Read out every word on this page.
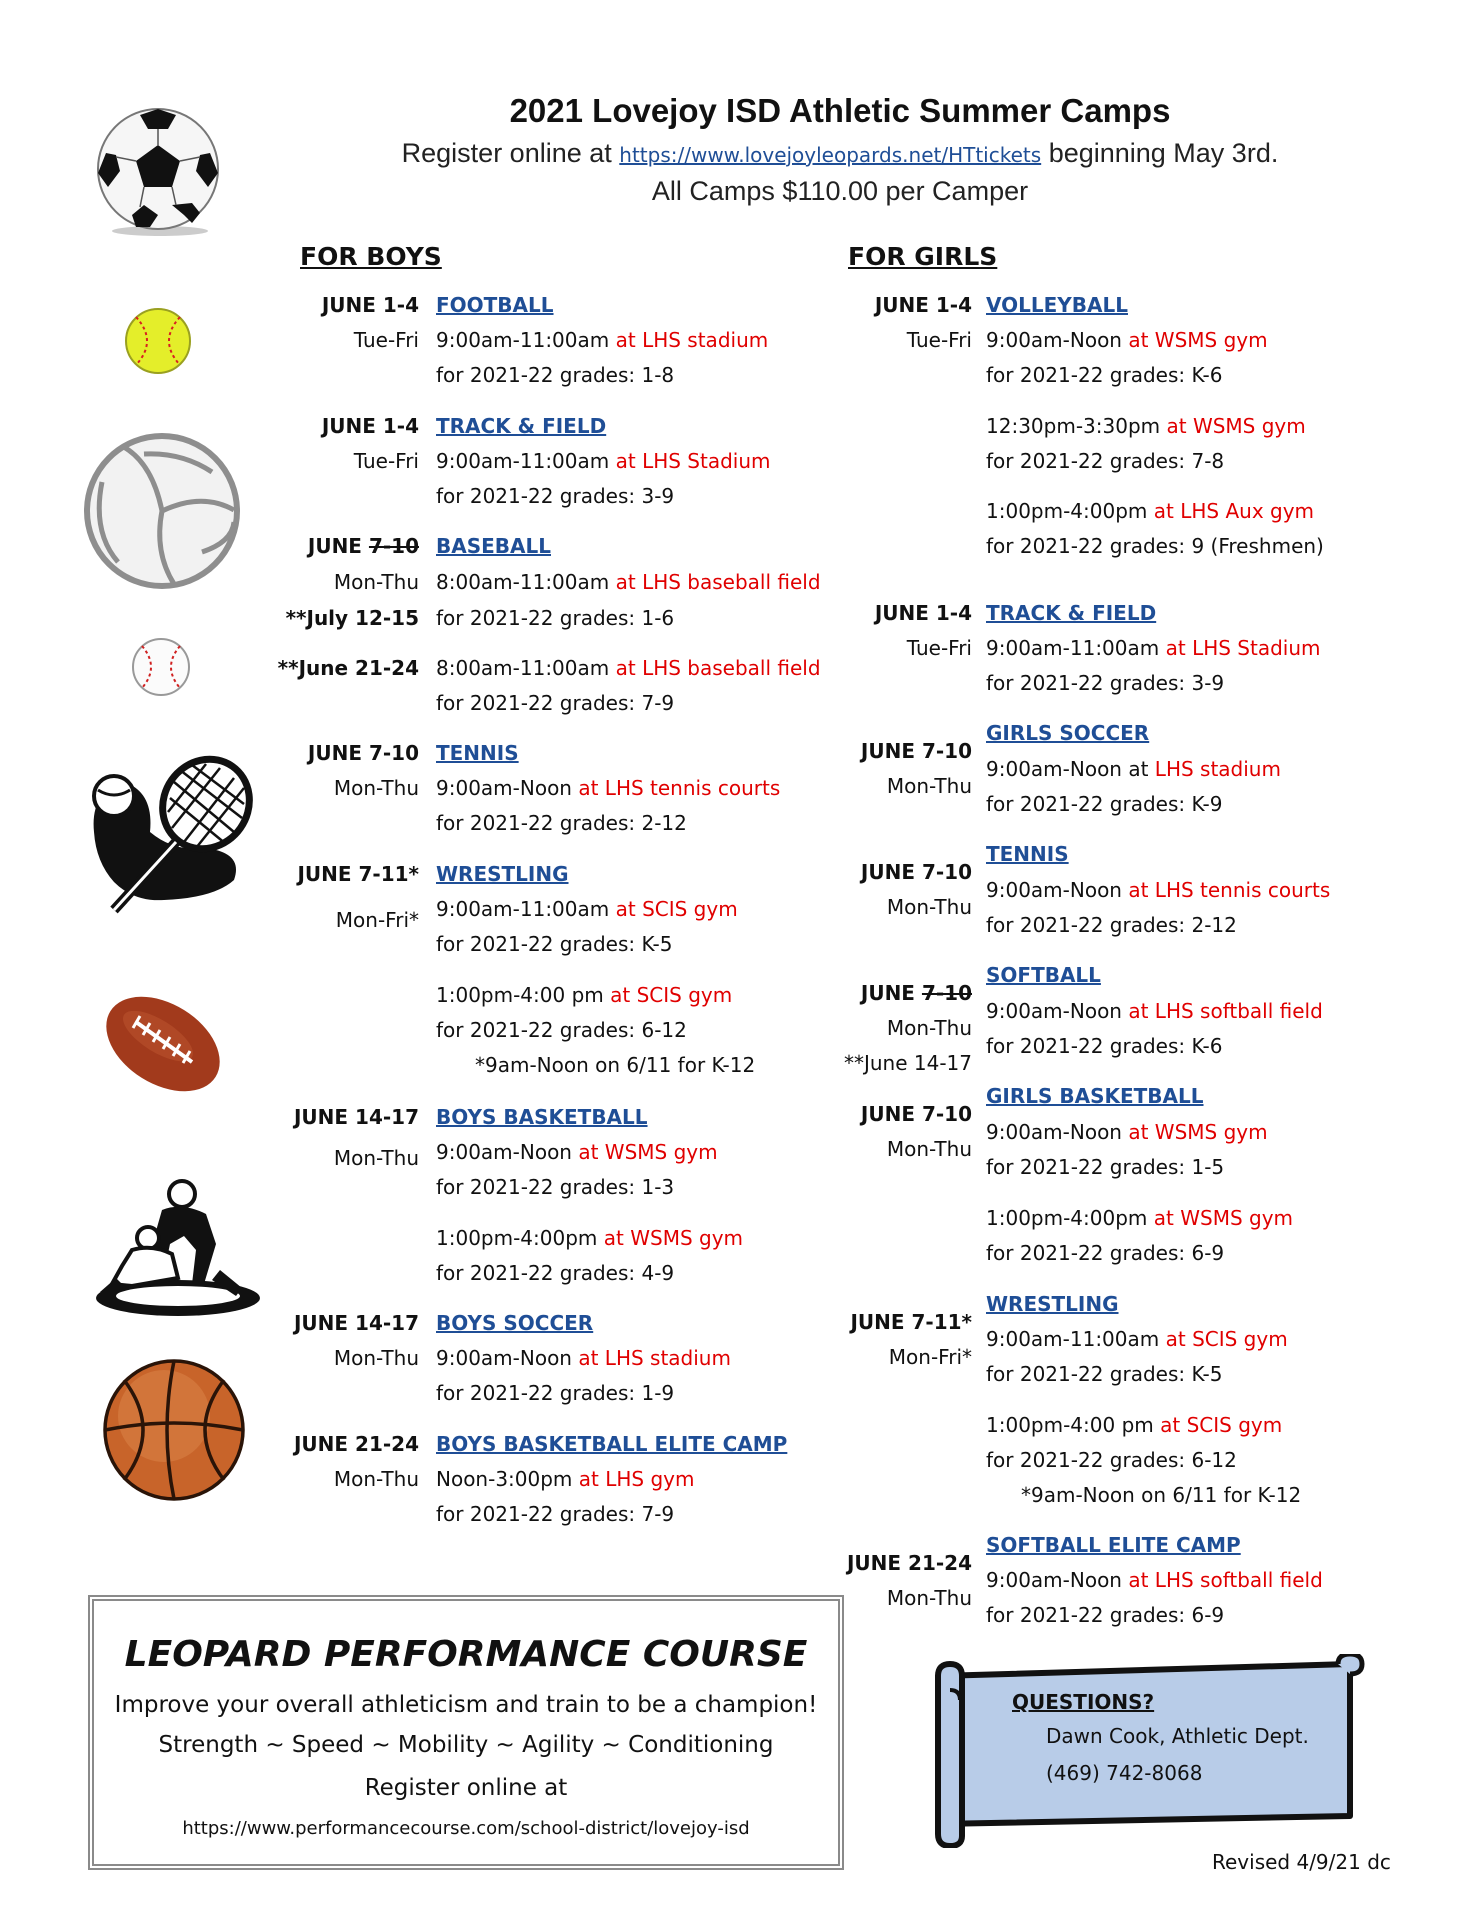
2021 Lovejoy ISD Athletic Summer Camps
Register online at https://www.lovejoyleopards.net/HTtickets beginning May 3rd.
All Camps $110.00 per Camper
FOR BOYS
JUNE 1-4
Tue-Fri
FOOTBALL
9:00am-11:00am at LHS stadium
for 2021-22 grades: 1-8
JUNE 1-4
Tue-Fri
TRACK & FIELD
9:00am-11:00am at LHS Stadium
for 2021-22 grades: 3-9
JUNE 7-10
Mon-Thu
**July 12-15
BASEBALL
8:00am-11:00am at LHS baseball field
for 2021-22 grades: 1-6
**June 21-24 8:00am-11:00am at LHS baseball field
for 2021-22 grades: 7-9
JUNE 7-10
Mon-Thu
TENNIS
9:00am-Noon at LHS tennis courts
for 2021-22 grades: 2-12
JUNE 7-11*
Mon-Fri*
WRESTLING
9:00am-11:00am at SCIS gym
for 2021-22 grades: K-5
1:00pm-4:00 pm at SCIS gym
for 2021-22 grades: 6-12
*9am-Noon on 6/11 for K-12
JUNE 14-17
Mon-Thu
BOYS BASKETBALL
9:00am-Noon at WSMS gym
for 2021-22 grades: 1-3
1:00pm-4:00pm at WSMS gym
for 2021-22 grades: 4-9
JUNE 14-17
Mon-Thu
BOYS SOCCER
9:00am-Noon at LHS stadium
for 2021-22 grades: 1-9
JUNE 21-24
Mon-Thu
BOYS BASKETBALL ELITE CAMP
Noon-3:00pm at LHS gym
for 2021-22 grades: 7-9
FOR GIRLS
JUNE 1-4
Tue-Fri
VOLLEYBALL
9:00am-Noon at WSMS gym
for 2021-22 grades: K-6
12:30pm-3:30pm at WSMS gym
for 2021-22 grades: 7-8
1:00pm-4:00pm at LHS Aux gym
for 2021-22 grades: 9 (Freshmen)
JUNE 1-4
Tue-Fri
TRACK & FIELD
9:00am-11:00am at LHS Stadium
for 2021-22 grades: 3-9
JUNE 7-10
Mon-Thu
GIRLS SOCCER
9:00am-Noon at LHS stadium
for 2021-22 grades: K-9
JUNE 7-10
Mon-Thu
TENNIS
9:00am-Noon at LHS tennis courts
for 2021-22 grades: 2-12
JUNE 7-10
Mon-Thu
**June 14-17
SOFTBALL
9:00am-Noon at LHS softball field
for 2021-22 grades: K-6
JUNE 7-10
Mon-Thu
GIRLS BASKETBALL
9:00am-Noon at WSMS gym
for 2021-22 grades: 1-5
1:00pm-4:00pm at WSMS gym
for 2021-22 grades: 6-9
JUNE 7-11*
Mon-Fri*
WRESTLING
9:00am-11:00am at SCIS gym
for 2021-22 grades: K-5
1:00pm-4:00 pm at SCIS gym
for 2021-22 grades: 6-12
*9am-Noon on 6/11 for K-12
JUNE 21-24
Mon-Thu
SOFTBALL ELITE CAMP
9:00am-Noon at LHS softball field
for 2021-22 grades: 6-9
LEOPARD PERFORMANCE COURSE
Improve your overall athleticism and train to be a champion!
Strength ~ Speed ~ Mobility ~ Agility ~ Conditioning
Register online at
https://www.performancecourse.com/school-district/lovejoy-isd
QUESTIONS?
Dawn Cook, Athletic Dept.
(469) 742-8068
Revised 4/9/21 dc
